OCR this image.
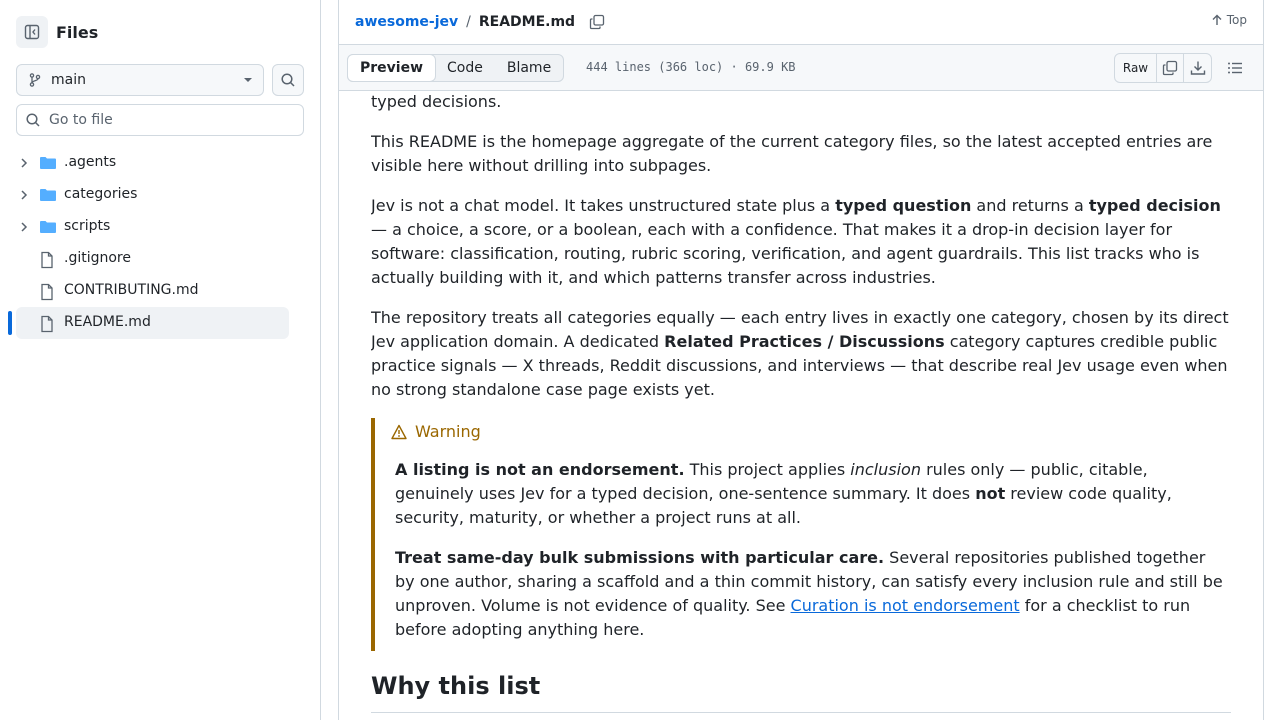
Files
main
Go to file
.agents
categories
scripts
.gitignore
CONTRIBUTING.md
README.md
awesome-jev / README.md	Top
Preview	Code	Blame	444 lines (366 loc) · 69.9 KB	Raw

typed decisions.

This README is the homepage aggregate of the current category files, so the latest accepted entries are visible here without drilling into subpages.

Jev is not a chat model. It takes unstructured state plus a typed question and returns a typed decision — a choice, a score, or a boolean, each with a confidence. That makes it a drop-in decision layer for software: classification, routing, rubric scoring, verification, and agent guardrails. This list tracks who is actually building with it, and which patterns transfer across industries.

The repository treats all categories equally — each entry lives in exactly one category, chosen by its direct Jev application domain. A dedicated Related Practices / Discussions category captures credible public practice signals — X threads, Reddit discussions, and interviews — that describe real Jev usage even when no strong standalone case page exists yet.

Warning

A listing is not an endorsement. This project applies inclusion rules only — public, citable, genuinely uses Jev for a typed decision, one-sentence summary. It does not review code quality, security, maturity, or whether a project runs at all.

Treat same-day bulk submissions with particular care. Several repositories published together by one author, sharing a scaffold and a thin commit history, can satisfy every inclusion rule and still be unproven. Volume is not evidence of quality. See Curation is not endorsement for a checklist to run before adopting anything here.

Why this list
